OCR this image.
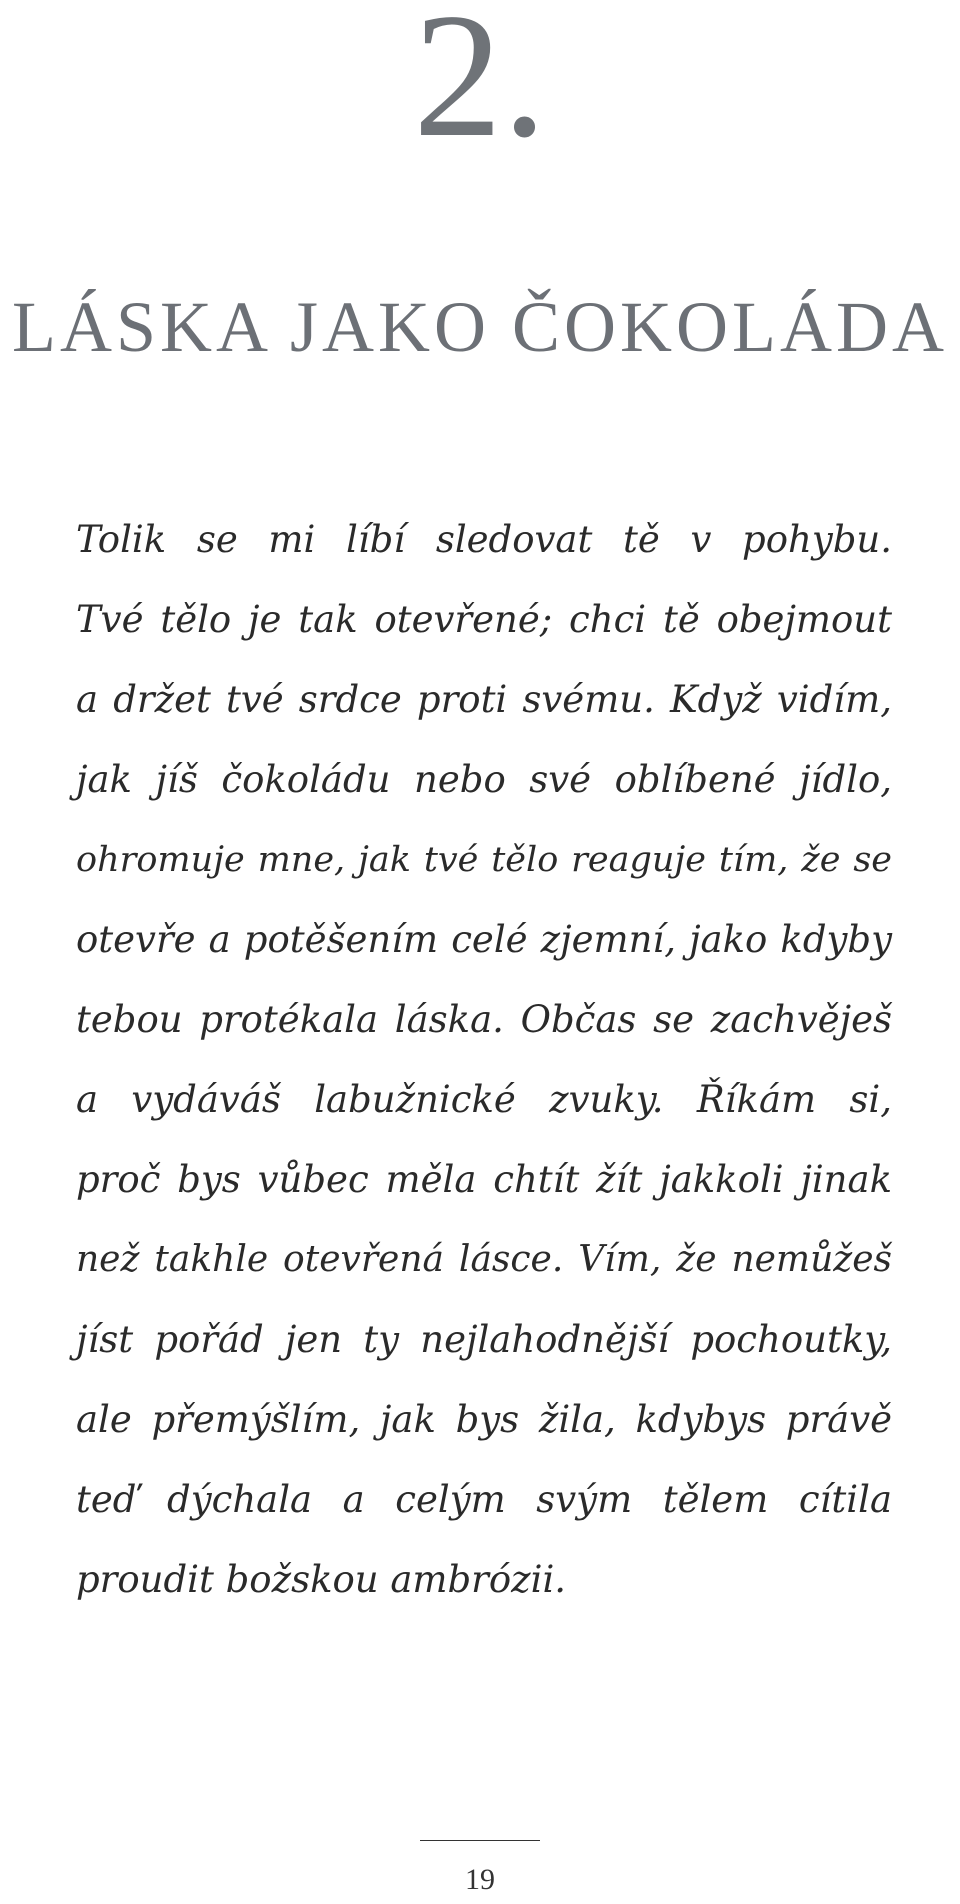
2.
LÁSKA JAKO ČOKOLÁDA
Tolik se mi líbí sledovat tě v pohybu.
Tvé tělo je tak otevřené; chci tě obejmout
a držet tvé srdce proti svému. Když vidím,
jak jíš čokoládu nebo své oblíbené jídlo,
ohromuje mne, jak tvé tělo reaguje tím, že se
otevře a potěšením celé zjemní, jako kdyby
tebou protékala láska. Občas se zachvěješ
a vydáváš labužnické zvuky. Říkám si,
proč bys vůbec měla chtít žít jakkoli jinak
než takhle otevřená lásce. Vím, že nemůžeš
jíst pořád jen ty nejlahodnější pochoutky,
ale přemýšlím, jak bys žila, kdybys právě
teď dýchala a celým svým tělem cítila
proudit božskou ambrózii.
19
